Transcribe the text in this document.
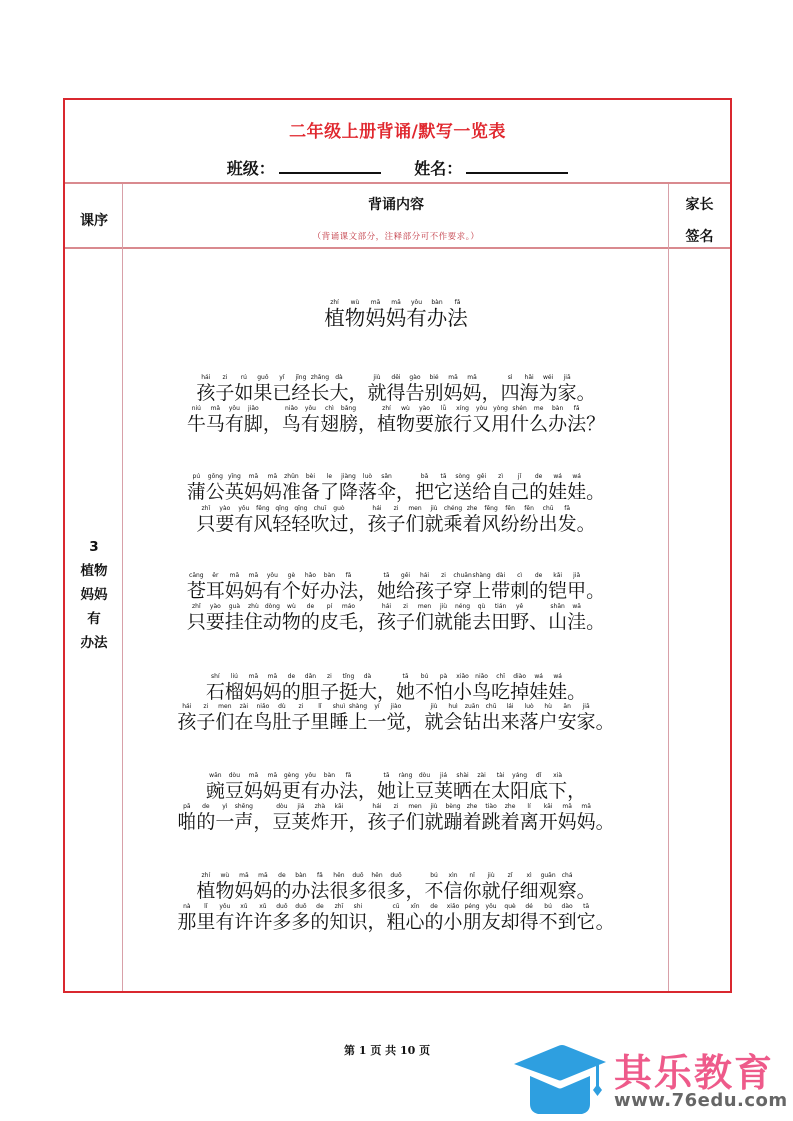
二年级上册背诵/默写一览表
班级：	姓名：
课序
背诵内容
（背诵课文部分，注释部分可不作要求。）
家长
签名
3
植物
妈妈
有
办法
zhí
植
wù
物
mā
妈
mā
妈
yǒu
有
bàn
办
fǎ
法
hái
孩
zi
子
rú
如
guǒ
果
yǐ
已
jīng
经
zhǎng
长
dà
大
，
jiù
就
děi
得
gào
告
bié
别
mā
妈
mā
妈
，
sì
四
hǎi
海
wéi
为
jiā
家
。
niú
牛
mǎ
马
yǒu
有
jiǎo
脚
，
niǎo
鸟
yǒu
有
chì
翅
bǎng
膀
，
zhí
植
wù
物
yào
要
lǚ
旅
xíng
行
yòu
又
yòng
用
shén
什
me
么
bàn
办
fǎ
法
？
pú
蒲
gōng
公
yīng
英
mā
妈
mā
妈
zhǔn
准
bèi
备
le
了
jiàng
降
luò
落
sǎn
伞
，
bǎ
把
tā
它
sòng
送
gěi
给
zì
自
jǐ
己
de
的
wá
娃
wá
娃
。
zhǐ
只
yào
要
yǒu
有
fēng
风
qīng
轻
qīng
轻
chuī
吹
guò
过
，
hái
孩
zi
子
men
们
jiù
就
chéng
乘
zhe
着
fēng
风
fēn
纷
fēn
纷
chū
出
fā
发
。
cāng
苍
ěr
耳
mā
妈
mā
妈
yǒu
有
gè
个
hǎo
好
bàn
办
fǎ
法
，
tā
她
gěi
给
hái
孩
zi
子
chuān
穿
shàng
上
dài
带
cì
刺
de
的
kǎi
铠
jiǎ
甲
。
zhǐ
只
yào
要
guà
挂
zhù
住
dòng
动
wù
物
de
的
pí
皮
máo
毛
，
hái
孩
zi
子
men
们
jiù
就
néng
能
qù
去
tián
田
yě
野
、
shān
山
wā
洼
。
shí
石
liú
榴
mā
妈
mā
妈
de
的
dǎn
胆
zi
子
tǐng
挺
dà
大
，
tā
她
bú
不
pà
怕
xiǎo
小
niǎo
鸟
chī
吃
diào
掉
wá
娃
wá
娃
。
hái
孩
zi
子
men
们
zài
在
niǎo
鸟
dù
肚
zi
子
lǐ
里
shuì
睡
shàng
上
yí
一
jiào
觉
，
jiù
就
huì
会
zuān
钻
chū
出
lái
来
luò
落
hù
户
ān
安
jiā
家
。
wān
豌
dòu
豆
mā
妈
mā
妈
gèng
更
yǒu
有
bàn
办
fǎ
法
，
tā
她
ràng
让
dòu
豆
jiá
荚
shài
晒
zài
在
tài
太
yáng
阳
dǐ
底
xià
下
，
pā
啪
de
的
yì
一
shēng
声
，
dòu
豆
jiá
荚
zhà
炸
kāi
开
，
hái
孩
zi
子
men
们
jiù
就
bèng
蹦
zhe
着
tiào
跳
zhe
着
lí
离
kāi
开
mā
妈
mā
妈
。
zhí
植
wù
物
mā
妈
mā
妈
de
的
bàn
办
fǎ
法
hěn
很
duō
多
hěn
很
duō
多
，
bú
不
xìn
信
nǐ
你
jiù
就
zǐ
仔
xì
细
guān
观
chá
察
。
nà
那
lǐ
里
yǒu
有
xǔ
许
xǔ
许
duō
多
duō
多
de
的
zhī
知
shi
识
，
cū
粗
xīn
心
de
的
xiǎo
小
péng
朋
yǒu
友
què
却
dé
得
bú
不
dào
到
tā
它
。
第 1 页 共 10 页
其乐教育
www.76edu.com
